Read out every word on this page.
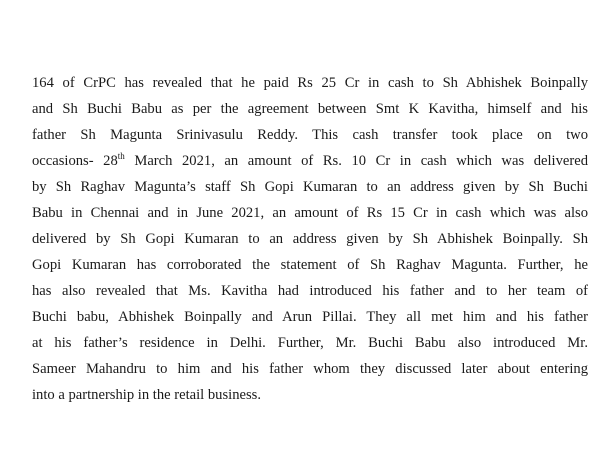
164 of CrPC has revealed that he paid Rs 25 Cr in cash to Sh Abhishek Boinpally
and Sh Buchi Babu as per the agreement between Smt K Kavitha, himself and his
father Sh Magunta Srinivasulu Reddy. This cash transfer took place on two
occasions- 28th March 2021, an amount of Rs. 10 Cr in cash which was delivered
by Sh Raghav Magunta’s staff Sh Gopi Kumaran to an address given by Sh Buchi
Babu in Chennai and in June 2021, an amount of Rs 15 Cr in cash which was also
delivered by Sh Gopi Kumaran to an address given by Sh Abhishek Boinpally. Sh
Gopi Kumaran has corroborated the statement of Sh Raghav Magunta. Further, he
has also revealed that Ms. Kavitha had introduced his father and to her team of
Buchi babu, Abhishek Boinpally and Arun Pillai. They all met him and his father
at his father’s residence in Delhi. Further, Mr. Buchi Babu also introduced Mr.
Sameer Mahandru to him and his father whom they discussed later about entering
into a partnership in the retail business.
